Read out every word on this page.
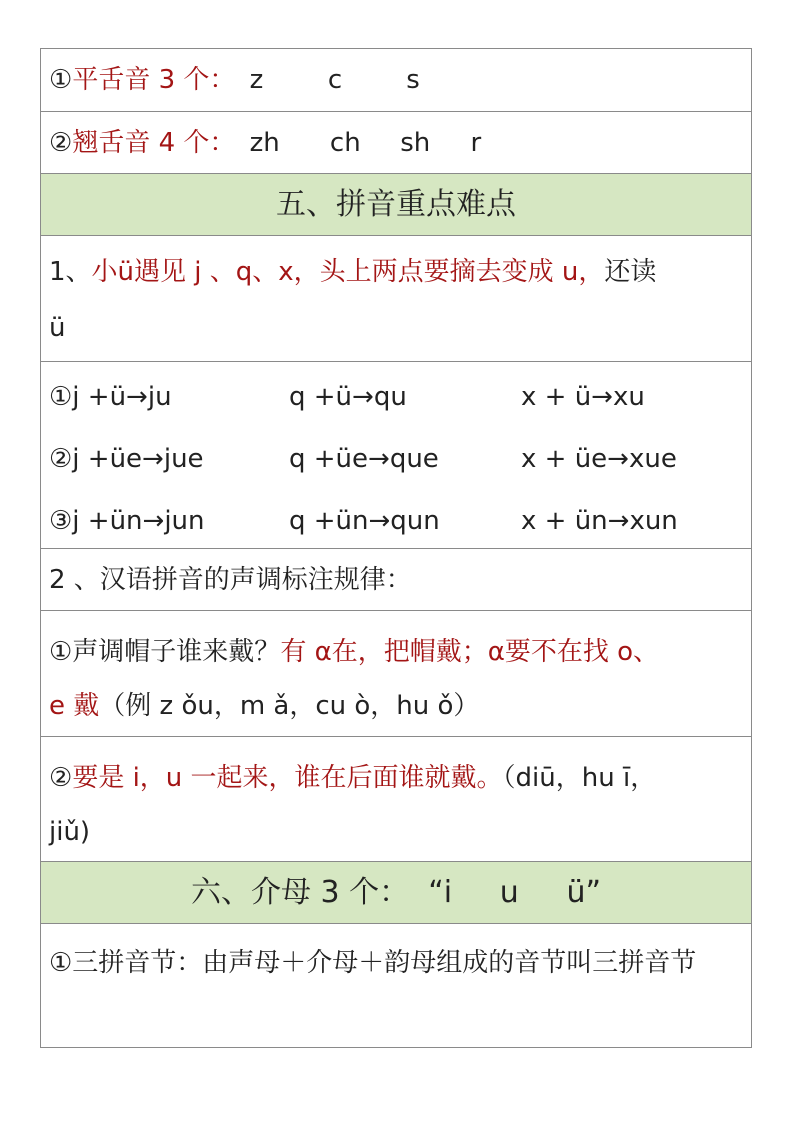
①平舌音 3 个： z c s
②翘舌音 4 个： zh ch sh r
五、拼音重点难点
1、小ü遇见 j 、q、x，头上两点要摘去变成 u，还读
ü
①j +ü→ju	q +ü→qu	x + ü→xu
②j +üe→jue	q +üe→que	x + üe→xue
③j +ün→jun	q +ün→qun	x + ün→xun
2 、汉语拼音的声调标注规律：
①声调帽子谁来戴？有 α在，把帽戴；α要不在找 o、
e 戴（例 z ǒu，m ǎ，cu ò，hu ǒ）
②要是 i，u 一起来，谁在后面谁就戴。（diū，hu ī，
jiǔ)
六、介母 3 个：  “i     u     ü”
①三拼音节：由声母＋介母＋韵母组成的音节叫三拼音节
